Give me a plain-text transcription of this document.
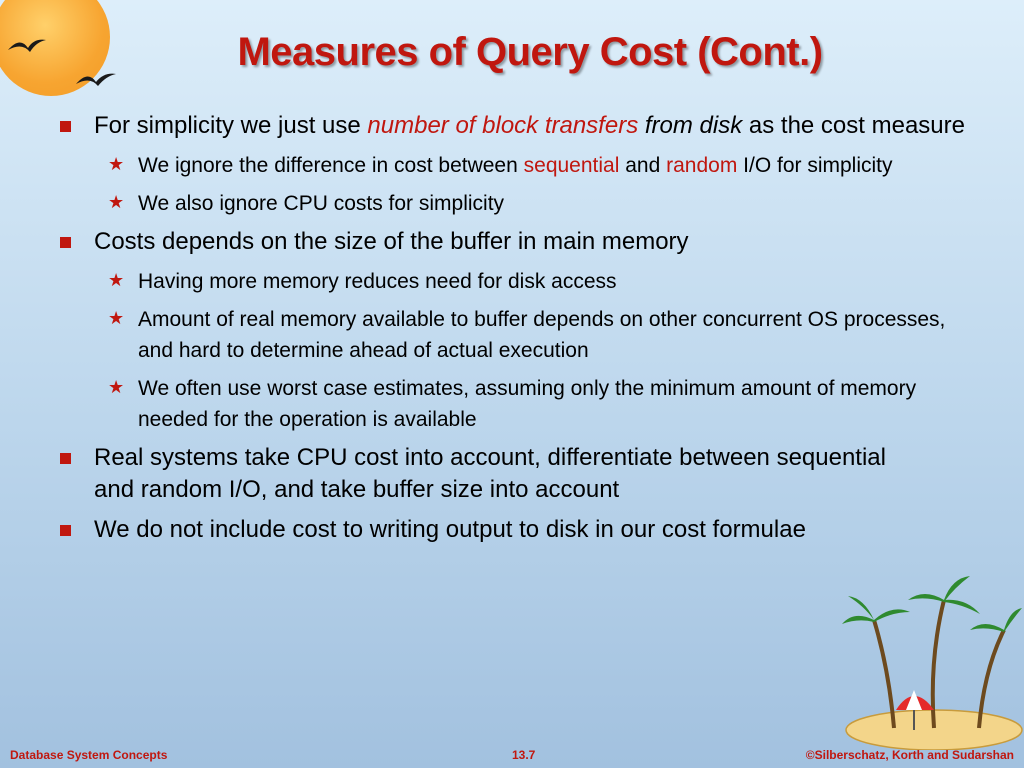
Measures of Query Cost (Cont.)
For simplicity we just use number of block transfers from disk as the cost measure
★ We ignore the difference in cost between sequential and random I/O for simplicity
★ We also ignore CPU costs for simplicity
Costs depends on the size of the buffer in main memory
★ Having more memory reduces need for disk access
★ Amount of real memory available to buffer depends on other concurrent OS processes, and hard to determine ahead of actual execution
★ We often use worst case estimates, assuming only the minimum amount of memory needed for the operation is available
Real systems take CPU cost into account, differentiate between sequential and random I/O, and take buffer size into account
We do not include cost to writing output to disk in our cost formulae
Database System Concepts	13.7	©Silberschatz, Korth and Sudarshan
